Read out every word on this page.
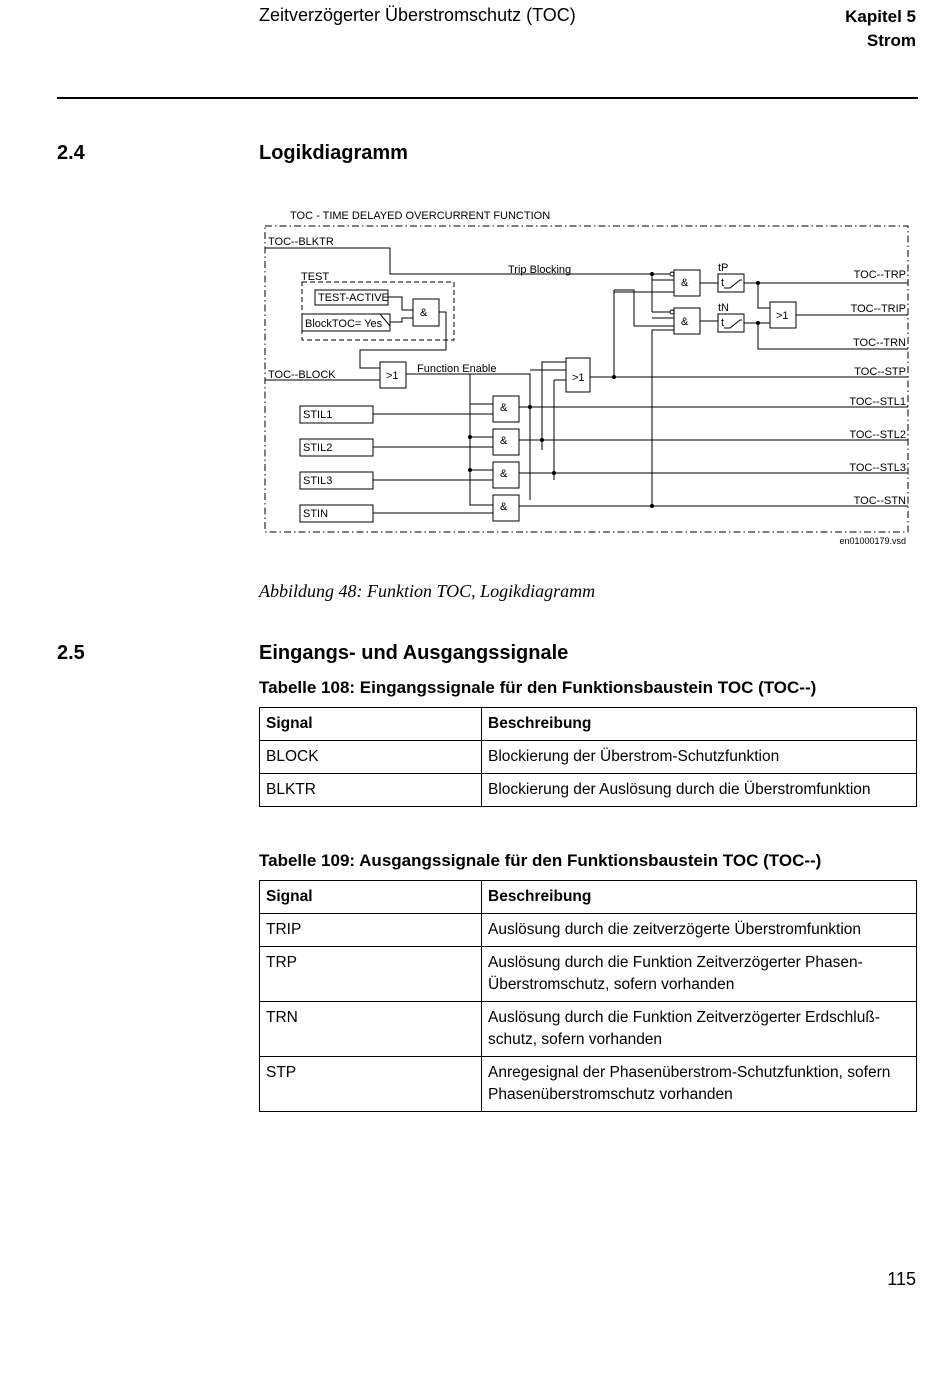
Zeitverzögerter Überstromschutz (TOC)	Kapitel 5
Strom
2.4	Logikdiagramm
TOC - TIME DELAYED OVERCURRENT FUNCTION
TOC--BLKTR
TEST
TEST-ACTIVE
BlockTOC= Yes
&
>1
Trip Blocking
Function Enable
TOC--BLOCK	>1
&
&
tP
t
tN
t
>1
&
&
&
&
STIL1
STIL2
STIL3
STIN
TOC--TRP
TOC--TRIP
TOC--TRN
TOC--STP
TOC--STL1
TOC--STL2
TOC--STL3
TOC--STN
en01000179.vsd
Abbildung 48: Funktion TOC, Logikdiagramm
2.5	Eingangs- und Ausgangssignale
Tabelle 108: Eingangssignale für den Funktionsbaustein TOC (TOC--)
Signal	Beschreibung
BLOCK	Blockierung der Überstrom-Schutzfunktion
BLKTR	Blockierung der Auslösung durch die Überstromfunktion
Tabelle 109: Ausgangssignale für den Funktionsbaustein TOC (TOC--)
Signal	Beschreibung
TRIP	Auslösung durch die zeitverzögerte Überstromfunktion
TRP	Auslösung durch die Funktion Zeitverzögerter Phasen-Überstromschutz, sofern vorhanden
TRN	Auslösung durch die Funktion Zeitverzögerter Erdschluß-schutz, sofern vorhanden
STP	Anregesignal der Phasenüberstrom-Schutzfunktion, sofern Phasenüberstromschutz vorhanden
115
